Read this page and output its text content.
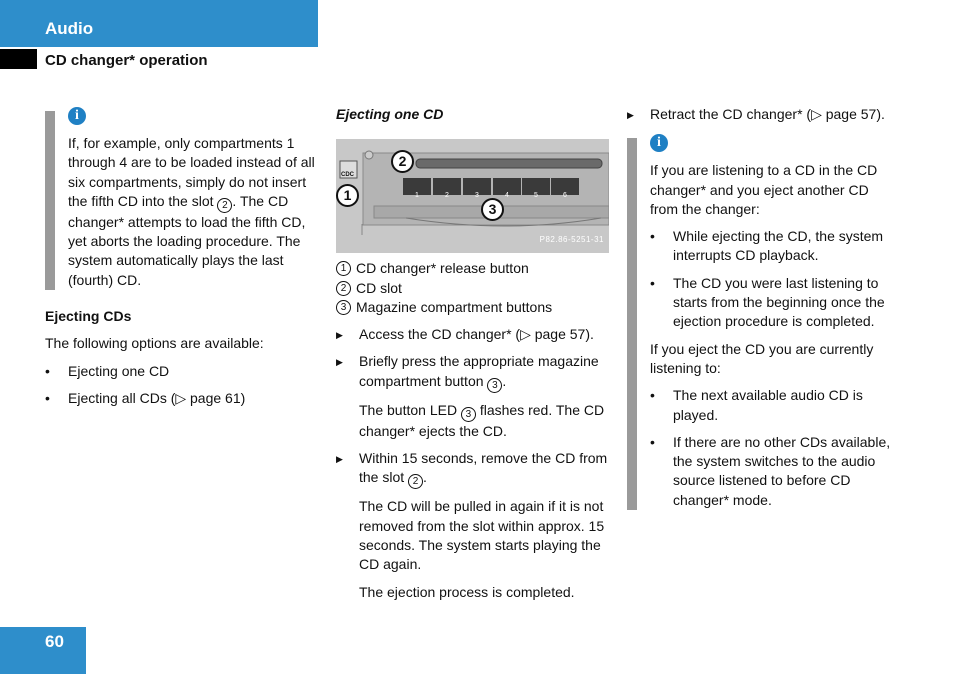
Audio
CD changer* operation
i
If, for example, only compartments 1 through 4 are to be loaded instead of all six compartments, simply do not insert the fifth CD into the slot 2 . The CD changer* attempts to load the fifth CD, yet aborts the loading procedure. The system automatically plays the last (fourth) CD.
Ejecting CDs

The following options are available:

• Ejecting one CD
• Ejecting all CDs (▷ page 61)
Ejecting one CD
CDC
1	2	3	4	5	6
2
1
3
P82.86-5251-31
1 CD changer* release button
2 CD slot
3 Magazine compartment buttons
▶ Access the CD changer* (▷ page 57).
▶ Briefly press the appropriate magazine compartment button 3 .
The button LED 3 flashes red. The CD changer* ejects the CD.
▶ Within 15 seconds, remove the CD from the slot 2 .
The CD will be pulled in again if it is not removed from the slot within approx. 15 seconds. The system starts playing the CD again.
The ejection process is completed.
▶ Retract the CD changer* (▷ page 57).
i

If you are listening to a CD in the CD changer* and you eject another CD from the changer:

• While ejecting the CD, the system interrupts CD playback.
• The CD you were last listening to starts from the beginning once the ejection procedure is completed.

If you eject the CD you are currently listening to:

• The next available audio CD is played.
• If there are no other CDs available, the system switches to the audio source listened to before CD changer* mode.
60
